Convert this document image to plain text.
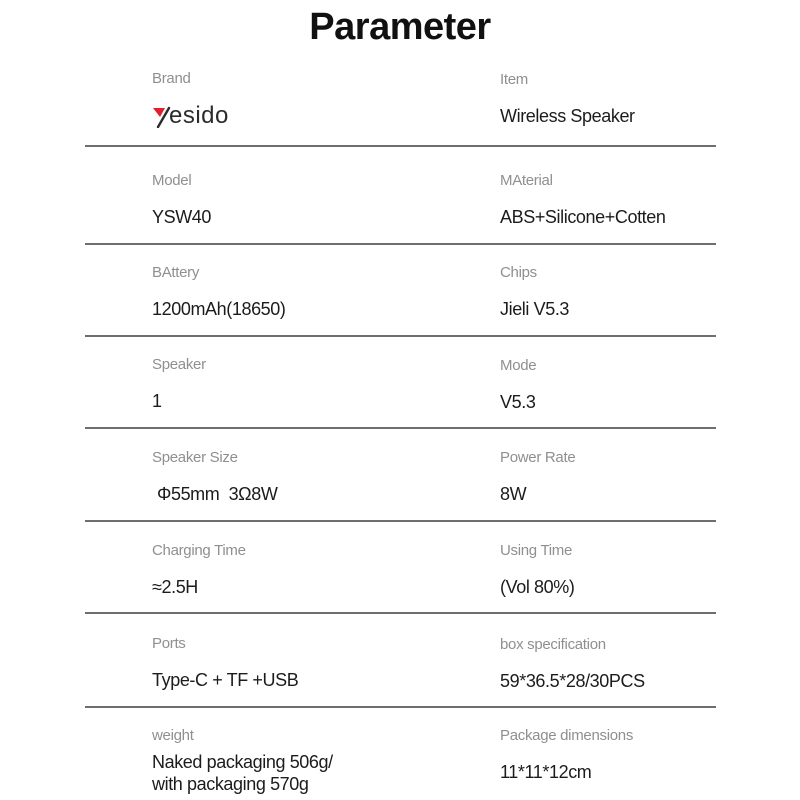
Parameter
Brand
esido
Item
Wireless Speaker
Model
YSW40
MAterial
ABS+Silicone+Cotten
BAttery
1200mAh(18650)
Chips
Jieli V5.3
Speaker
1
Mode
V5.3
Speaker Size
Φ55mm  3Ω8W
Power Rate
8W
Charging Time
≈2.5H
Using Time
(Vol 80%)
Ports
Type-C + TF +USB
box specification
59*36.5*28/30PCS
weight
Naked packaging 506g/
with packaging 570g
Package dimensions
11*11*12cm
